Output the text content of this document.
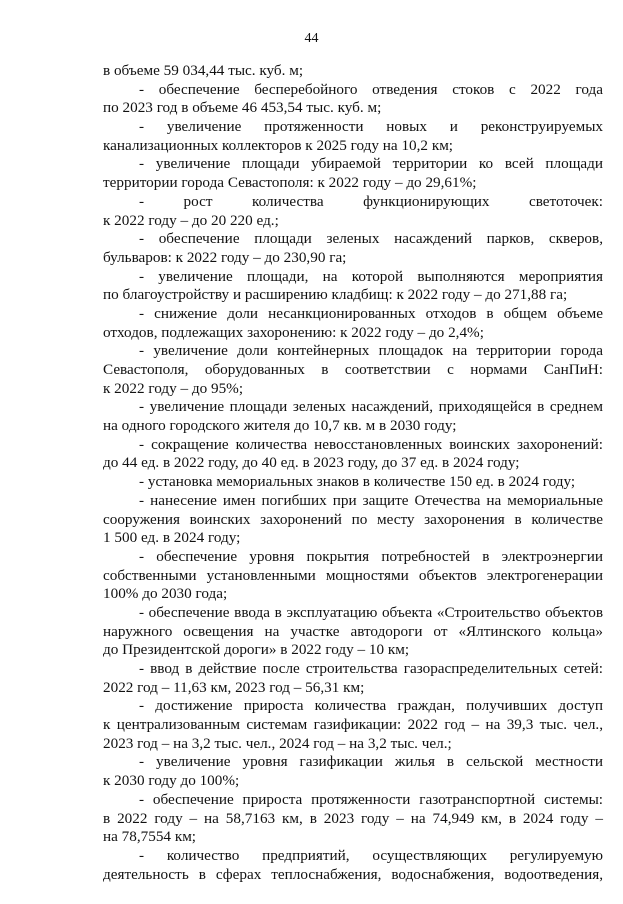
44
в объеме 59 034,44 тыс. куб. м;
- обеспечение бесперебойного отведения стоков с 2022 года
по 2023 год в объеме 46 453,54 тыс. куб. м;
- увеличение протяженности новых и реконструируемых
канализационных коллекторов к 2025 году на 10,2 км;
- увеличение площади убираемой территории ко всей площади
территории города Севастополя: к 2022 году – до 29,61%;
- рост количества функционирующих светоточек:
к 2022 году – до 20 220 ед.;
- обеспечение площади зеленых насаждений парков, скверов,
бульваров: к 2022 году – до 230,90 га;
- увеличение площади, на которой выполняются мероприятия
по благоустройству и расширению кладбищ: к 2022 году – до 271,88 га;
- снижение доли несанкционированных отходов в общем объеме
отходов, подлежащих захоронению: к 2022 году – до 2,4%;
- увеличение доли контейнерных площадок на территории города
Севастополя, оборудованных в соответствии с нормами СанПиН:
к 2022 году – до 95%;
- увеличение площади зеленых насаждений, приходящейся в среднем
на одного городского жителя до 10,7 кв. м в 2030 году;
- сокращение количества невосстановленных воинских захоронений:
до 44 ед. в 2022 году, до 40 ед. в 2023 году, до 37 ед. в 2024 году;
- установка мемориальных знаков в количестве 150 ед. в 2024 году;
- нанесение имен погибших при защите Отечества на мемориальные
сооружения воинских захоронений по месту захоронения в количестве
1 500 ед. в 2024 году;
- обеспечение уровня покрытия потребностей в электроэнергии
собственными установленными мощностями объектов электрогенерации
100% до 2030 года;
- обеспечение ввода в эксплуатацию объекта «Строительство объектов
наружного освещения на участке автодороги от «Ялтинского кольца»
до Президентской дороги» в 2022 году – 10 км;
- ввод в действие после строительства газораспределительных сетей:
2022 год – 11,63 км, 2023 год – 56,31 км;
- достижение прироста количества граждан, получивших доступ
к централизованным системам газификации: 2022 год – на 39,3 тыс. чел.,
2023 год – на 3,2 тыс. чел., 2024 год – на 3,2 тыс. чел.;
- увеличение уровня газификации жилья в сельской местности
к 2030 году до 100%;
- обеспечение прироста протяженности газотранспортной системы:
в 2022 году – на 58,7163 км, в 2023 году – на 74,949 км, в 2024 году –
на 78,7554 км;
- количество предприятий, осуществляющих регулируемую
деятельность в сферах теплоснабжения, водоснабжения, водоотведения,
